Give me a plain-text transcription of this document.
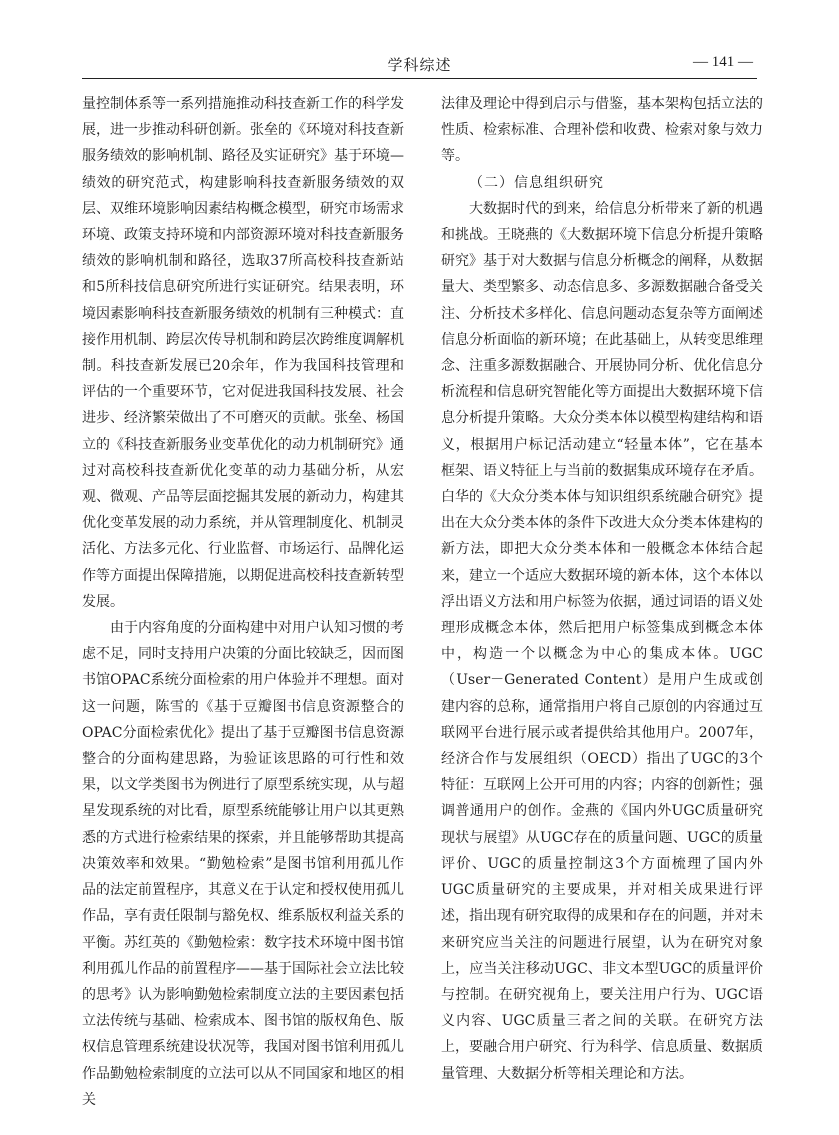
学科综述	— 141 —

量控制体系等一系列措施推动科技查新工作的科学发展，进一步推动科研创新。张垒的《环境对科技查新服务绩效的影响机制、路径及实证研究》基于环境—绩效的研究范式，构建影响科技查新服务绩效的双层、双维环境影响因素结构概念模型，研究市场需求环境、政策支持环境和内部资源环境对科技查新服务绩效的影响机制和路径，选取37所高校科技查新站和5所科技信息研究所进行实证研究。结果表明，环境因素影响科技查新服务绩效的机制有三种模式：直接作用机制、跨层次传导机制和跨层次跨维度调解机制。科技查新发展已20余年，作为我国科技管理和评估的一个重要环节，它对促进我国科技发展、社会进步、经济繁荣做出了不可磨灭的贡献。张垒、杨国立的《科技查新服务业变革优化的动力机制研究》通过对高校科技查新优化变革的动力基础分析，从宏观、微观、产品等层面挖掘其发展的新动力，构建其优化变革发展的动力系统，并从管理制度化、机制灵活化、方法多元化、行业监督、市场运行、品牌化运作等方面提出保障措施，以期促进高校科技查新转型发展。

由于内容角度的分面构建中对用户认知习惯的考虑不足，同时支持用户决策的分面比较缺乏，因而图书馆OPAC系统分面检索的用户体验并不理想。面对这一问题，陈雪的《基于豆瓣图书信息资源整合的OPAC分面检索优化》提出了基于豆瓣图书信息资源整合的分面构建思路，为验证该思路的可行性和效果，以文学类图书为例进行了原型系统实现，从与超星发现系统的对比看，原型系统能够让用户以其更熟悉的方式进行检索结果的探索，并且能够帮助其提高决策效率和效果。“勤勉检索”是图书馆利用孤儿作品的法定前置程序，其意义在于认定和授权使用孤儿作品，享有责任限制与豁免权、维系版权利益关系的平衡。苏红英的《勤勉检索：数字技术环境中图书馆利用孤儿作品的前置程序——基于国际社会立法比较的思考》认为影响勤勉检索制度立法的主要因素包括立法传统与基础、检索成本、图书馆的版权角色、版权信息管理系统建设状况等，我国对图书馆利用孤儿作品勤勉检索制度的立法可以从不同国家和地区的相关

法律及理论中得到启示与借鉴，基本架构包括立法的性质、检索标准、合理补偿和收费、检索对象与效力等。

（二）信息组织研究

大数据时代的到来，给信息分析带来了新的机遇和挑战。王晓燕的《大数据环境下信息分析提升策略研究》基于对大数据与信息分析概念的阐释，从数据量大、类型繁多、动态信息多、多源数据融合备受关注、分析技术多样化、信息问题动态复杂等方面阐述信息分析面临的新环境；在此基础上，从转变思维理念、注重多源数据融合、开展协同分析、优化信息分析流程和信息研究智能化等方面提出大数据环境下信息分析提升策略。大众分类本体以模型构建结构和语义，根据用户标记活动建立“轻量本体”，它在基本框架、语义特征上与当前的数据集成环境存在矛盾。白华的《大众分类本体与知识组织系统融合研究》提出在大众分类本体的条件下改进大众分类本体建构的新方法，即把大众分类本体和一般概念本体结合起来，建立一个适应大数据环境的新本体，这个本体以浮出语义方法和用户标签为依据，通过词语的语义处理形成概念本体，然后把用户标签集成到概念本体中，构造一个以概念为中心的集成本体。UGC（User－Generated Content）是用户生成或创建内容的总称，通常指用户将自己原创的内容通过互联网平台进行展示或者提供给其他用户。2007年，经济合作与发展组织（OECD）指出了UGC的3个特征：互联网上公开可用的内容；内容的创新性；强调普通用户的创作。金燕的《国内外UGC质量研究现状与展望》从UGC存在的质量问题、UGC的质量评价、UGC的质量控制这3个方面梳理了国内外UGC质量研究的主要成果，并对相关成果进行评述，指出现有研究取得的成果和存在的问题，并对未来研究应当关注的问题进行展望，认为在研究对象上，应当关注移动UGC、非文本型UGC的质量评价与控制。在研究视角上，要关注用户行为、UGC语义内容、UGC质量三者之间的关联。在研究方法上，要融合用户研究、行为科学、信息质量、数据质量管理、大数据分析等相关理论和方法。
